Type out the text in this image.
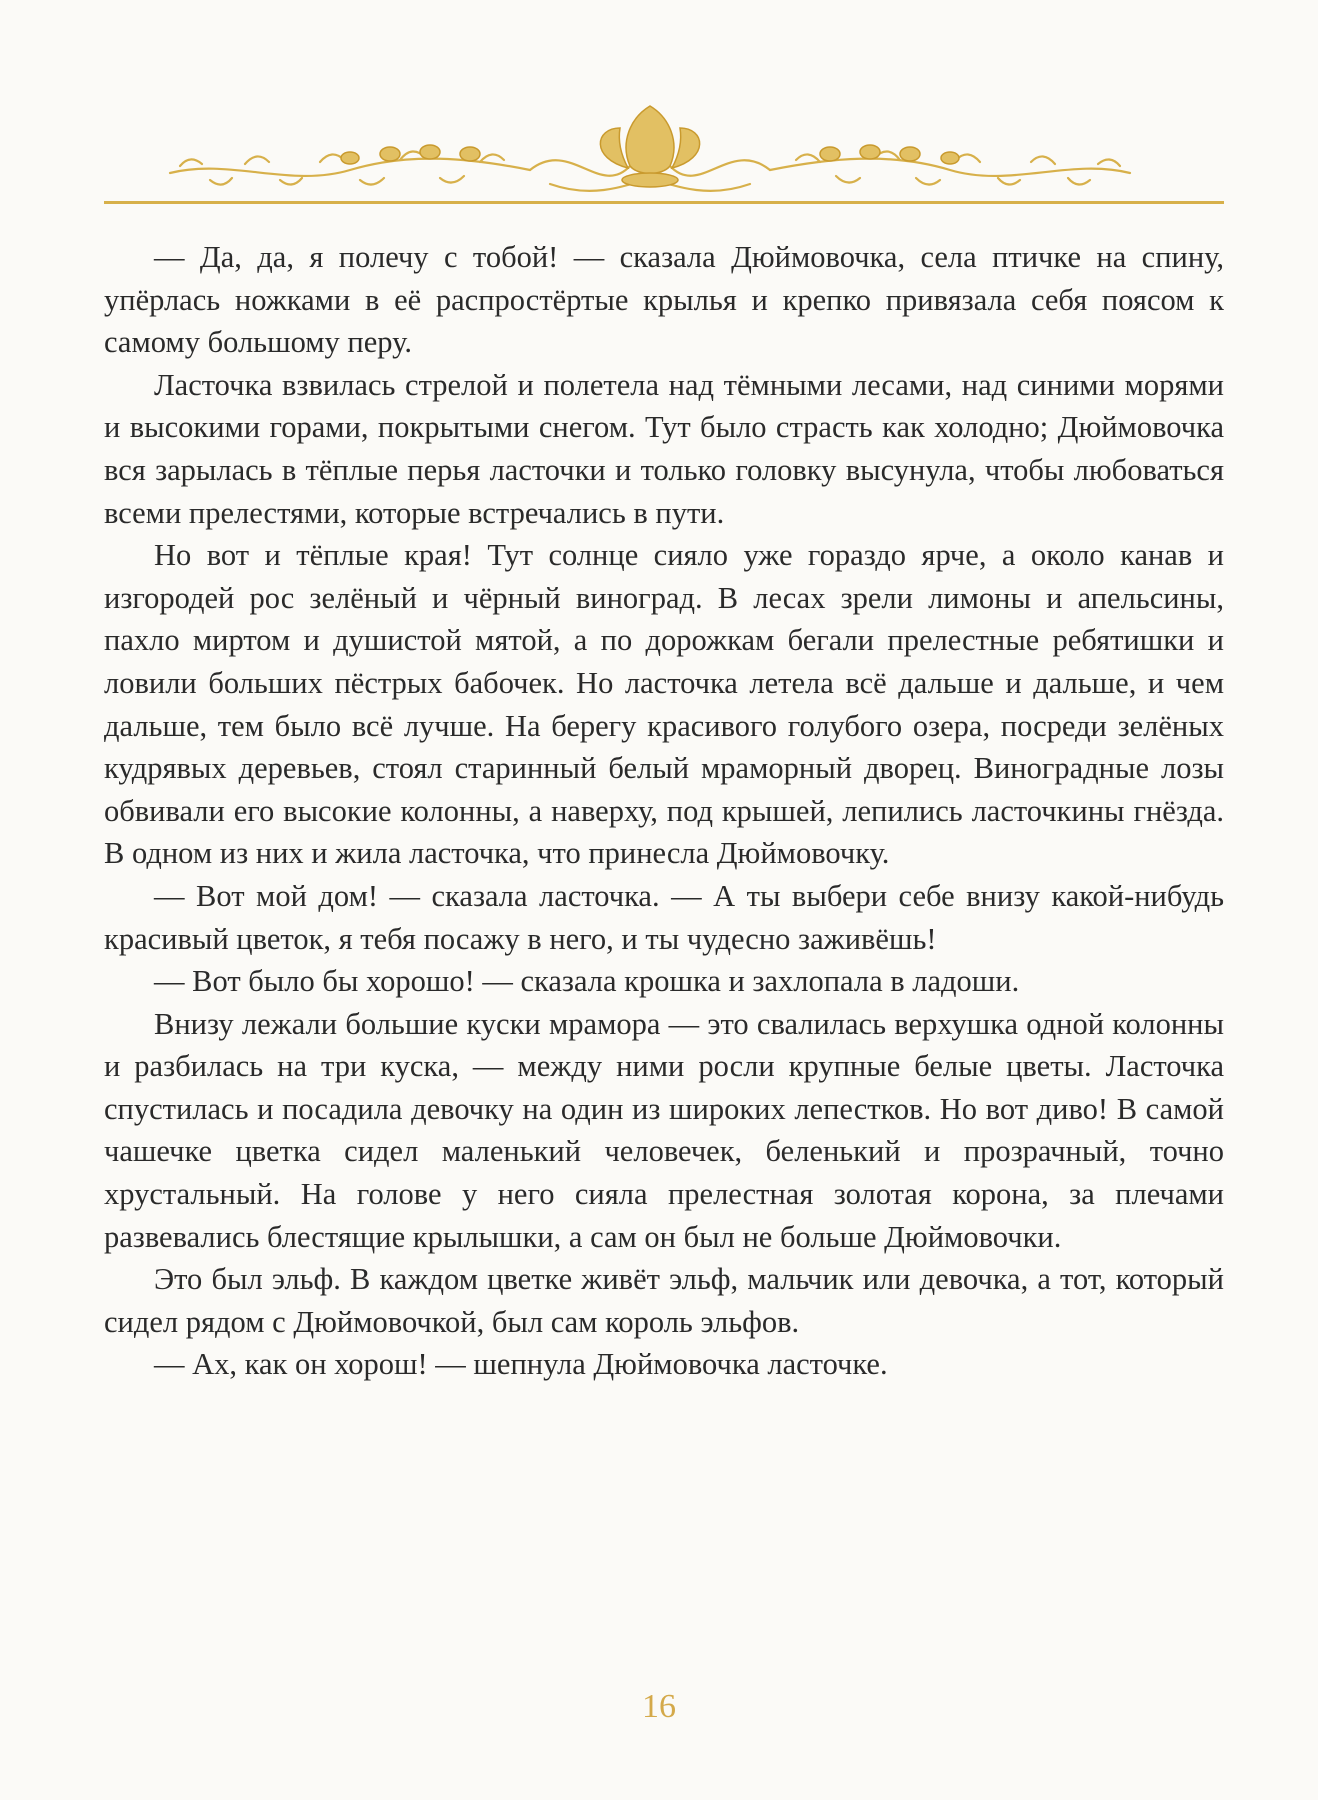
— Да, да, я полечу с тобой! — сказала Дюймовочка, села птичке на спину, упёрлась ножками в её распростёртые крылья и крепко привязала себя поясом к самому большому перу.

Ласточка взвилась стрелой и полетела над тёмными лесами, над синими морями и высокими горами, покрытыми снегом. Тут было страсть как холодно; Дюймовочка вся зарылась в тёплые перья ласточки и только головку высунула, чтобы любоваться всеми прелестями, которые встречались в пути.

Но вот и тёплые края! Тут солнце сияло уже гораздо ярче, а около канав и изгородей рос зелёный и чёрный виноград. В лесах зрели лимоны и апельсины, пахло миртом и душистой мятой, а по дорожкам бегали прелестные ребятишки и ловили больших пёстрых бабочек. Но ласточка летела всё дальше и дальше, и чем дальше, тем было всё лучше. На берегу красивого голубого озера, посреди зелёных кудрявых деревьев, стоял старинный белый мраморный дворец. Виноградные лозы обвивали его высокие колонны, а наверху, под крышей, лепились ласточкины гнёзда. В одном из них и жила ласточка, что принесла Дюймовочку.

— Вот мой дом! — сказала ласточка. — А ты выбери себе внизу какой-нибудь красивый цветок, я тебя посажу в него, и ты чудесно заживёшь!

— Вот было бы хорошо! — сказала крошка и захлопала в ладоши.

Внизу лежали большие куски мрамора — это свалилась верхушка одной колонны и разбилась на три куска, — между ними росли крупные белые цветы. Ласточка спустилась и посадила девочку на один из широких лепестков. Но вот диво! В самой чашечке цветка сидел маленький человечек, беленький и прозрачный, точно хрустальный. На голове у него сияла прелестная золотая корона, за плечами развевались блестящие крылышки, а сам он был не больше Дюймовочки.

Это был эльф. В каждом цветке живёт эльф, мальчик или девочка, а тот, который сидел рядом с Дюймовочкой, был сам король эльфов.

— Ах, как он хорош! — шепнула Дюймовочка ласточке.

16
